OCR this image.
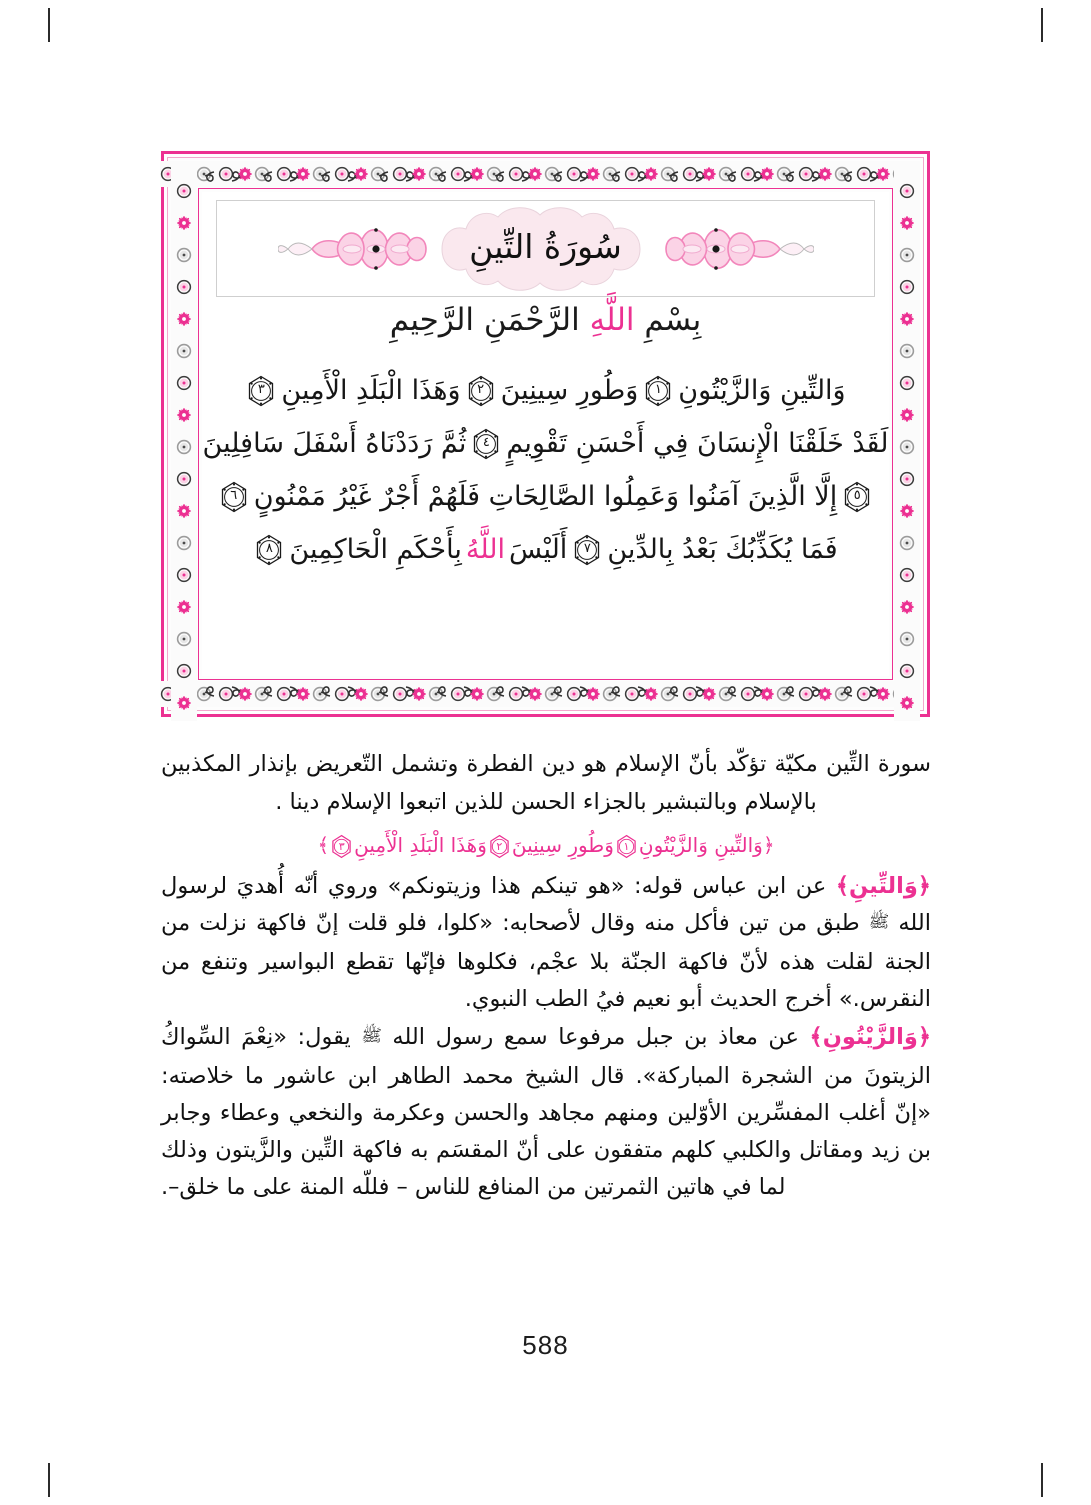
سُورَةُ التِّينِ
بِسْمِ اللَّهِ الرَّحْمَنِ الرَّحِيمِ
وَالتِّينِ وَالزَّيْتُونِ
١
وَطُورِ سِينِينَ
٢
وَهَذَا الْبَلَدِ الْأَمِينِ
٣
لَقَدْ خَلَقْنَا الْإِنسَانَ فِي أَحْسَنِ تَقْوِيمٍ
٤
ثُمَّ رَدَدْنَاهُ أَسْفَلَ سَافِلِينَ
٥
إِلَّا الَّذِينَ آمَنُوا وَعَمِلُوا الصَّالِحَاتِ فَلَهُمْ أَجْرٌ غَيْرُ مَمْنُونٍ
٦
فَمَا يُكَذِّبُكَ بَعْدُ بِالدِّينِ
٧
أَلَيْسَ
اللَّهُ
بِأَحْكَمِ الْحَاكِمِينَ
٨

سورة التِّين مكيّة تؤكّد بأنّ الإسلام هو دين الفطرة وتشمل التّعريض بإنذار المكذبين بالإسلام وبالتبشير بالجزاء الحسن للذين اتبعوا الإسلام دينا .

﴿وَالتِّينِ وَالزَّيْتُونِ
١
وَطُورِ سِينِينَ
٢
وَهَذَا الْبَلَدِ الْأَمِينِ
٣
﴾

﴿وَالتِّينِ﴾ عن ابن عباس قوله: «هو تينكم هذا وزيتونكم» وروي أنّه أُهديَ لرسول الله ﷺ طبق من تين فأكل منه وقال لأصحابه: «كلوا، فلو قلت إنّ فاكهة نزلت من الجنة لقلت هذه لأنّ فاكهة الجنّة بلا عجْم، فكلوها فإنّها تقطع البواسير وتنفع من النقرس.» أخرج الحديث أبو نعيم فيُ الطب النبوي.

﴿وَالزَّيْتُونِ﴾ عن معاذ بن جبل مرفوعا سمع رسول الله ﷺ يقول: «نِعْمَ السِّواكُ الزيتونَ من الشجرة المباركة». قال الشيخ محمد الطاهر ابن عاشور ما خلاصته: «إنّ أغلب المفسِّرين الأوّلين ومنهم مجاهد والحسن وعكرمة والنخعي وعطاء وجابر بن زيد ومقاتل والكلبي كلهم متفقون على أنّ المقسَم به فاكهة التِّين والزَّيتون وذلك لما في هاتين الثمرتين من المنافع للناس – فللّه المنة على ما خلق–.

588
